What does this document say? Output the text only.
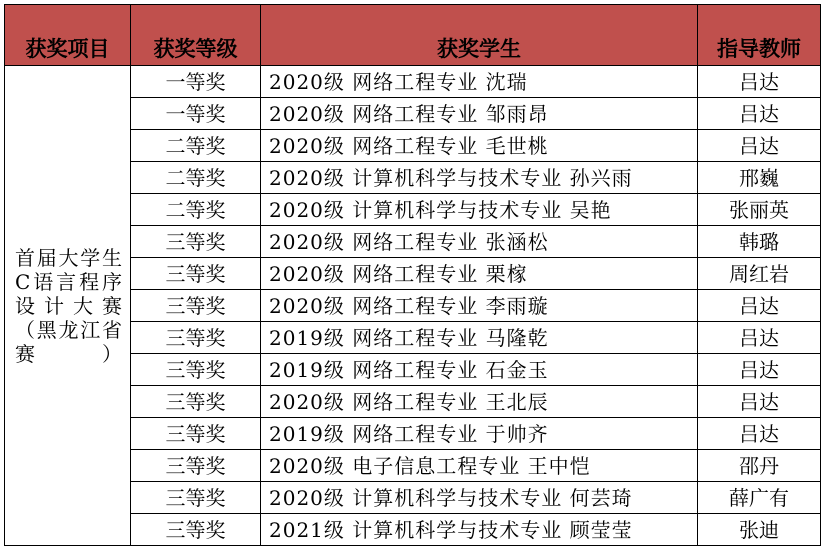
获奖项目	获奖等级	获奖学生	指导教师
首届大学生C语言程序设计大赛（黑龙江省赛）	一等奖	2020级 网络工程专业 沈瑞	吕达
	一等奖	2020级 网络工程专业 邹雨昂	吕达
	二等奖	2020级 网络工程专业 毛世桃	吕达
	二等奖	2020级 计算机科学与技术专业 孙兴雨	邢巍
	二等奖	2020级 计算机科学与技术专业 吴艳	张丽英
	三等奖	2020级 网络工程专业 张涵松	韩璐
	三等奖	2020级 网络工程专业 栗榢	周红岩
	三等奖	2020级 网络工程专业 李雨璇	吕达
	三等奖	2019级 网络工程专业 马隆乾	吕达
	三等奖	2019级 网络工程专业 石金玉	吕达
	三等奖	2020级 网络工程专业 王北辰	吕达
	三等奖	2019级 网络工程专业 于帅齐	吕达
	三等奖	2020级 电子信息工程专业 王中恺	邵丹
	三等奖	2020级 计算机科学与技术专业 何芸琦	薛广有
	三等奖	2021级 计算机科学与技术专业 顾莹莹	张迪
